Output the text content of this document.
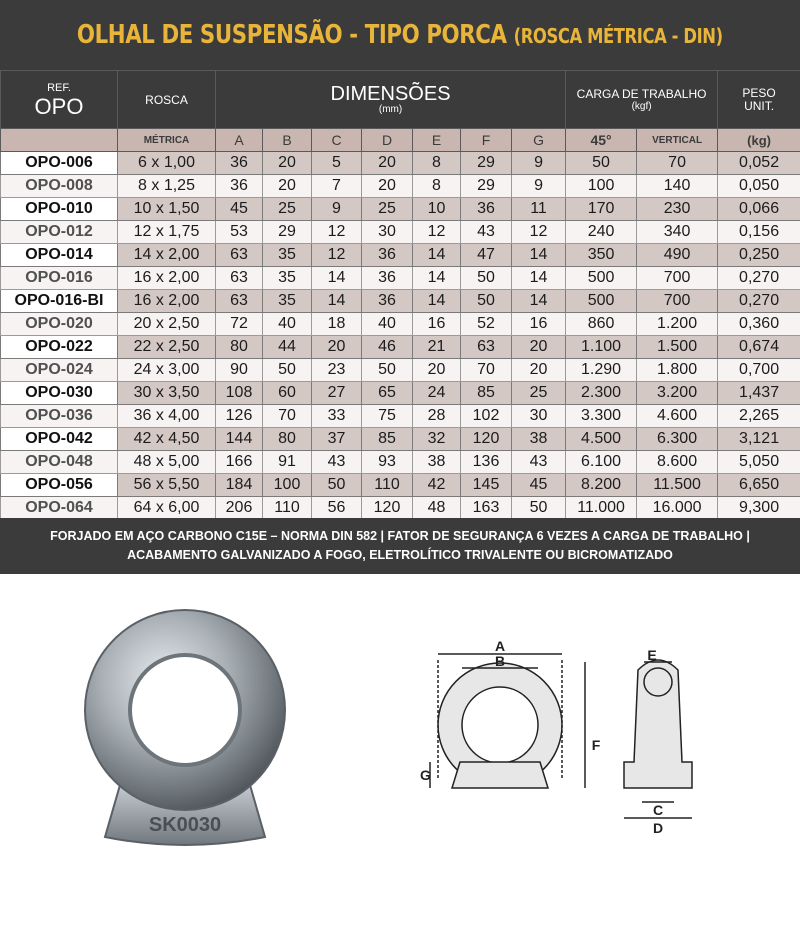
OLHAL DE SUSPENSÃO - TIPO PORCA (ROSCA MÉTRICA - DIN)
REF.
OPO	ROSCA	DIMENSÕES
(mm)							CARGA DE TRABALHO
(kgf)		PESO
UNIT.
	MÉTRICA	A	B	C	D	E	F	G	45°	VERTICAL	(kg)
OPO-006	6 x 1,00	36	20	5	20	8	29	9	50	70	0,052
OPO-008	8 x 1,25	36	20	7	20	8	29	9	100	140	0,050
OPO-010	10 x 1,50	45	25	9	25	10	36	11	170	230	0,066
OPO-012	12 x 1,75	53	29	12	30	12	43	12	240	340	0,156
OPO-014	14 x 2,00	63	35	12	36	14	47	14	350	490	0,250
OPO-016	16 x 2,00	63	35	14	36	14	50	14	500	700	0,270
OPO-016-BI	16 x 2,00	63	35	14	36	14	50	14	500	700	0,270
OPO-020	20 x 2,50	72	40	18	40	16	52	16	860	1.200	0,360
OPO-022	22 x 2,50	80	44	20	46	21	63	20	1.100	1.500	0,674
OPO-024	24 x 3,00	90	50	23	50	20	70	20	1.290	1.800	0,700
OPO-030	30 x 3,50	108	60	27	65	24	85	25	2.300	3.200	1,437
OPO-036	36 x 4,00	126	70	33	75	28	102	30	3.300	4.600	2,265
OPO-042	42 x 4,50	144	80	37	85	32	120	38	4.500	6.300	3,121
OPO-048	48 x 5,00	166	91	43	93	38	136	43	6.100	8.600	5,050
OPO-056	56 x 5,50	184	100	50	110	42	145	45	8.200	11.500	6,650
OPO-064	64 x 6,00	206	110	56	120	48	163	50	11.000	16.000	9,300
FORJADO EM AÇO CARBONO C15E – NORMA DIN 582 | FATOR DE SEGURANÇA 6 VEZES A CARGA DE TRABALHO |
ACABAMENTO GALVANIZADO A FOGO, ELETROLÍTICO TRIVALENTE OU BICROMATIZADO
SK0030
A
B
F
G
E
C
D
